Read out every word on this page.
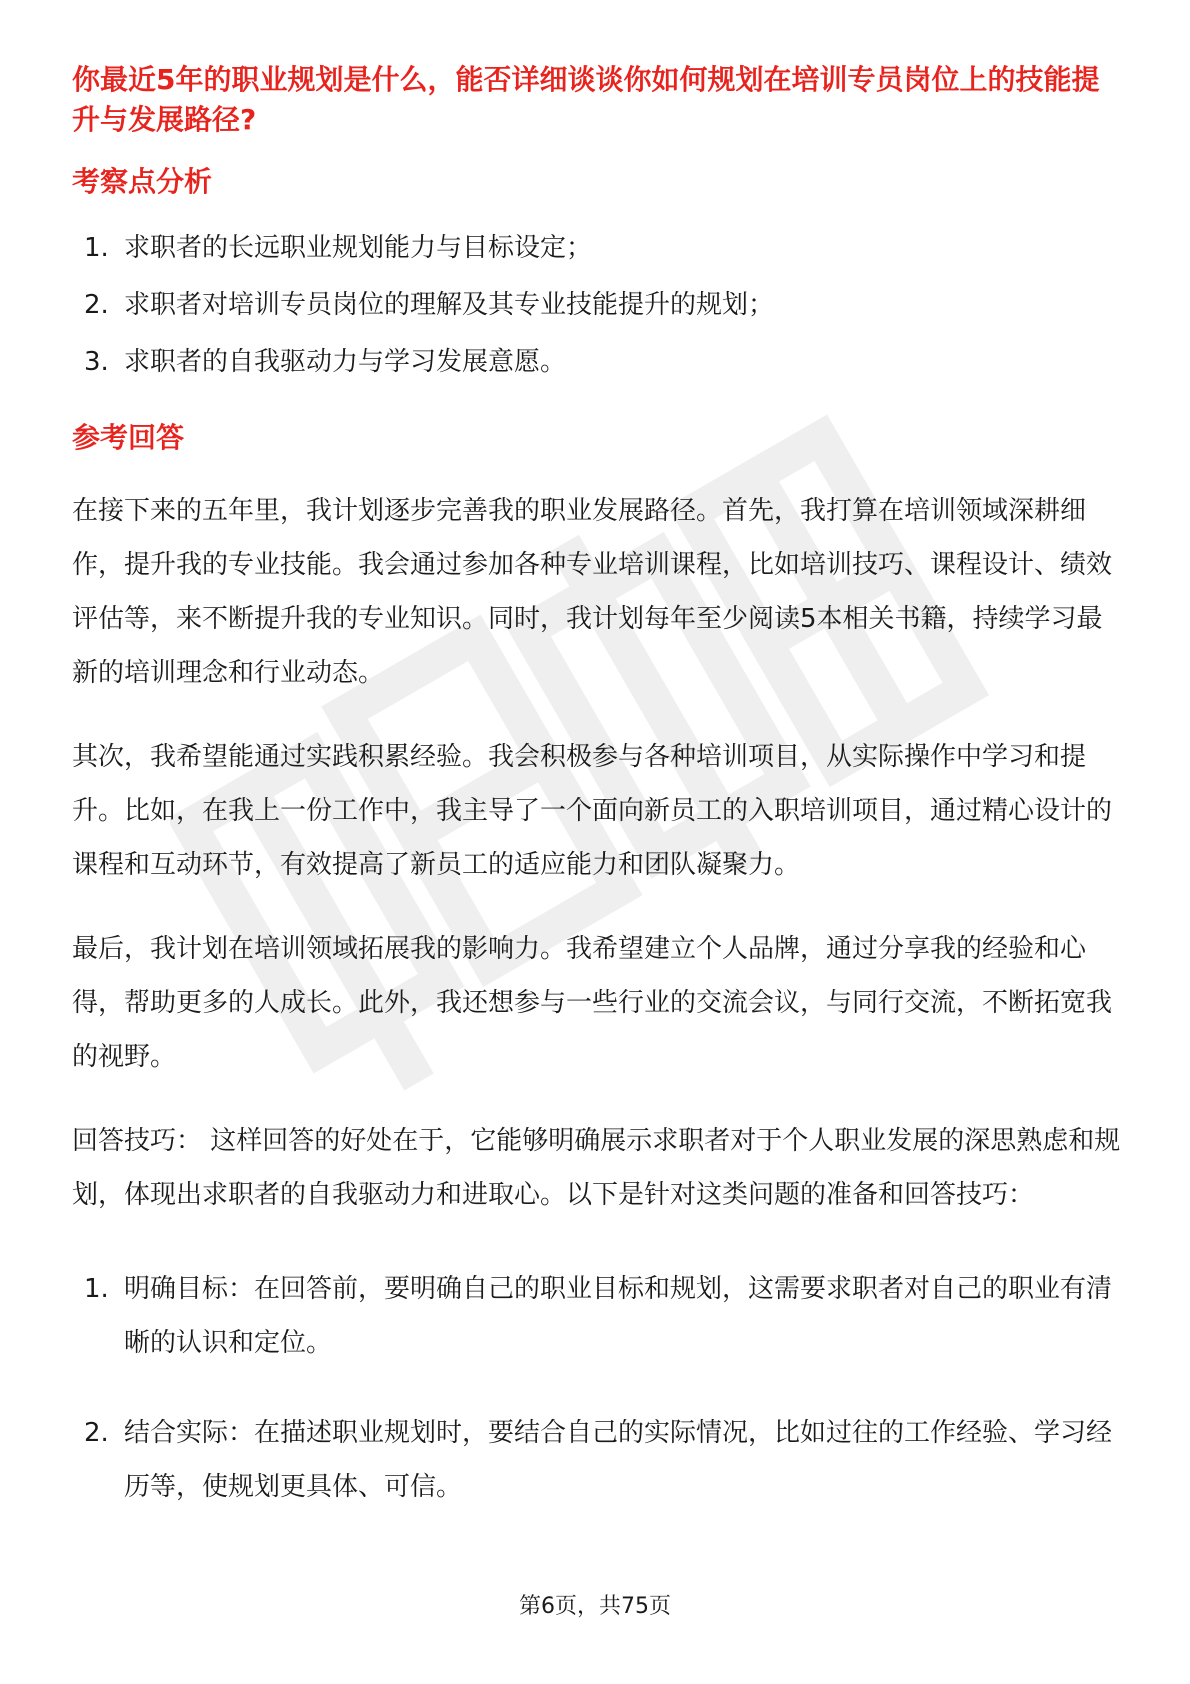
你最近5年的职业规划是什么，能否详细谈谈你如何规划在培训专员岗位上的技能提升与发展路径?
考察点分析
1. 求职者的长远职业规划能力与目标设定；
2. 求职者对培训专员岗位的理解及其专业技能提升的规划；
3. 求职者的自我驱动力与学习发展意愿。
参考回答

在接下来的五年里，我计划逐步完善我的职业发展路径。首先，我打算在培训领域深耕细作，提升我的专业技能。我会通过参加各种专业培训课程，比如培训技巧、课程设计、绩效评估等，来不断提升我的专业知识。同时，我计划每年至少阅读5本相关书籍，持续学习最新的培训理念和行业动态。

其次，我希望能通过实践积累经验。我会积极参与各种培训项目，从实际操作中学习和提升。比如，在我上一份工作中，我主导了一个面向新员工的入职培训项目，通过精心设计的课程和互动环节，有效提高了新员工的适应能力和团队凝聚力。

最后，我计划在培训领域拓展我的影响力。我希望建立个人品牌，通过分享我的经验和心得，帮助更多的人成长。此外，我还想参与一些行业的交流会议，与同行交流，不断拓宽我的视野。

回答技巧： 这样回答的好处在于，它能够明确展示求职者对于个人职业发展的深思熟虑和规划，体现出求职者的自我驱动力和进取心。以下是针对这类问题的准备和回答技巧：

1. 明确目标：在回答前，要明确自己的职业目标和规划，这需要求职者对自己的职业有清晰的认识和定位。
2. 结合实际：在描述职业规划时，要结合自己的实际情况，比如过往的工作经验、学习经历等，使规划更具体、可信。
第6页，共75页
